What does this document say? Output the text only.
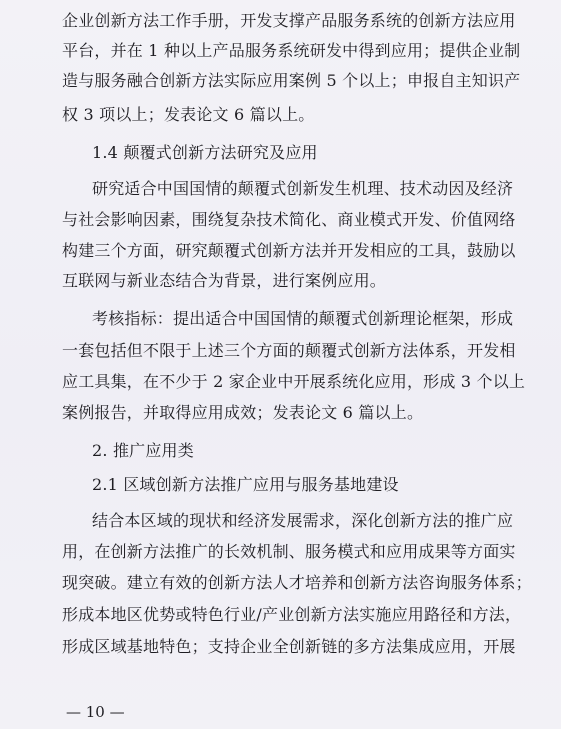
企业创新方法工作手册，开发支撑产品服务系统的创新方法应用
平台，并在 1 种以上产品服务系统研发中得到应用；提供企业制
造与服务融合创新方法实际应用案例 5 个以上；申报自主知识产
权 3 项以上；发表论文 6 篇以上。
1.4 颠覆式创新方法研究及应用
研究适合中国国情的颠覆式创新发生机理、技术动因及经济
与社会影响因素，围绕复杂技术简化、商业模式开发、价值网络
构建三个方面，研究颠覆式创新方法并开发相应的工具，鼓励以
互联网与新业态结合为背景，进行案例应用。
考核指标：提出适合中国国情的颠覆式创新理论框架，形成
一套包括但不限于上述三个方面的颠覆式创新方法体系，开发相
应工具集，在不少于 2 家企业中开展系统化应用，形成 3 个以上
案例报告，并取得应用成效；发表论文 6 篇以上。
2. 推广应用类
2.1 区域创新方法推广应用与服务基地建设
结合本区域的现状和经济发展需求，深化创新方法的推广应
用，在创新方法推广的长效机制、服务模式和应用成果等方面实
现突破。建立有效的创新方法人才培养和创新方法咨询服务体系；
形成本地区优势或特色行业/产业创新方法实施应用路径和方法，
形成区域基地特色；支持企业全创新链的多方法集成应用，开展
— 10 —
